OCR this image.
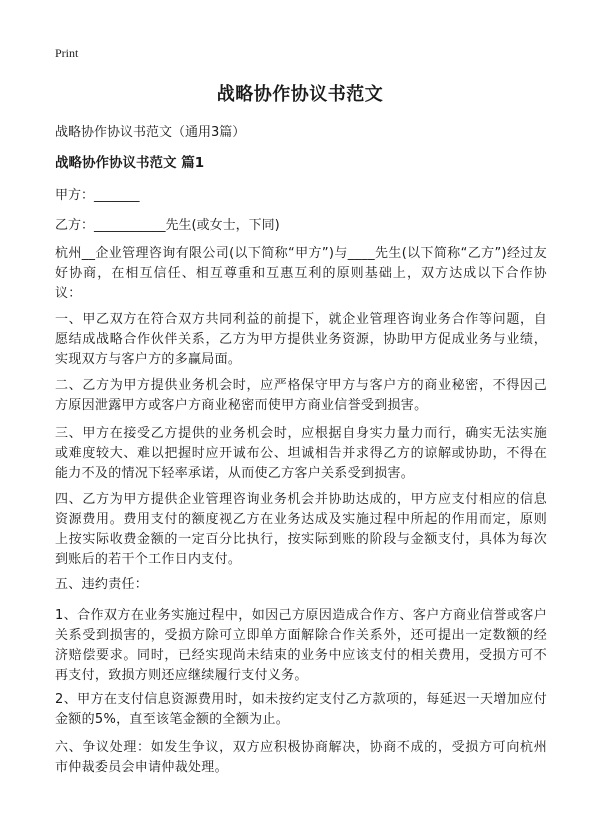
Print
战略协作协议书范文
战略协作协议书范文（通用3篇）
战略协作协议书范文 篇1
甲方：_______
乙方：___________先生(或女士，下同)

杭州__企业管理咨询有限公司(以下简称“甲方”)与____先生(以下简称“乙方”)经过友好协商，在相互信任、相互尊重和互惠互利的原则基础上，双方达成以下合作协议：

一、甲乙双方在符合双方共同利益的前提下，就企业管理咨询业务合作等问题，自愿结成战略合作伙伴关系，乙方为甲方提供业务资源，协助甲方促成业务与业绩，实现双方与客户方的多赢局面。

二、乙方为甲方提供业务机会时，应严格保守甲方与客户方的商业秘密，不得因己方原因泄露甲方或客户方商业秘密而使甲方商业信誉受到损害。

三、甲方在接受乙方提供的业务机会时，应根据自身实力量力而行，确实无法实施或难度较大、难以把握时应开诚布公、坦诚相告并求得乙方的谅解或协助，不得在能力不及的情况下轻率承诺，从而使乙方客户关系受到损害。

四、乙方为甲方提供企业管理咨询业务机会并协助达成的，甲方应支付相应的信息资源费用。费用支付的额度视乙方在业务达成及实施过程中所起的作用而定，原则上按实际收费金额的一定百分比执行，按实际到账的阶段与金额支付，具体为每次到账后的若干个工作日内支付。

五、违约责任：

1、合作双方在业务实施过程中，如因己方原因造成合作方、客户方商业信誉或客户关系受到损害的，受损方除可立即单方面解除合作关系外，还可提出一定数额的经济赔偿要求。同时，已经实现尚未结束的业务中应该支付的相关费用，受损方可不再支付，致损方则还应继续履行支付义务。

2、甲方在支付信息资源费用时，如未按约定支付乙方款项的，每延迟一天增加应付金额的5%，直至该笔金额的全额为止。

六、争议处理：如发生争议，双方应积极协商解决，协商不成的，受损方可向杭州市仲裁委员会申请仲裁处理。
